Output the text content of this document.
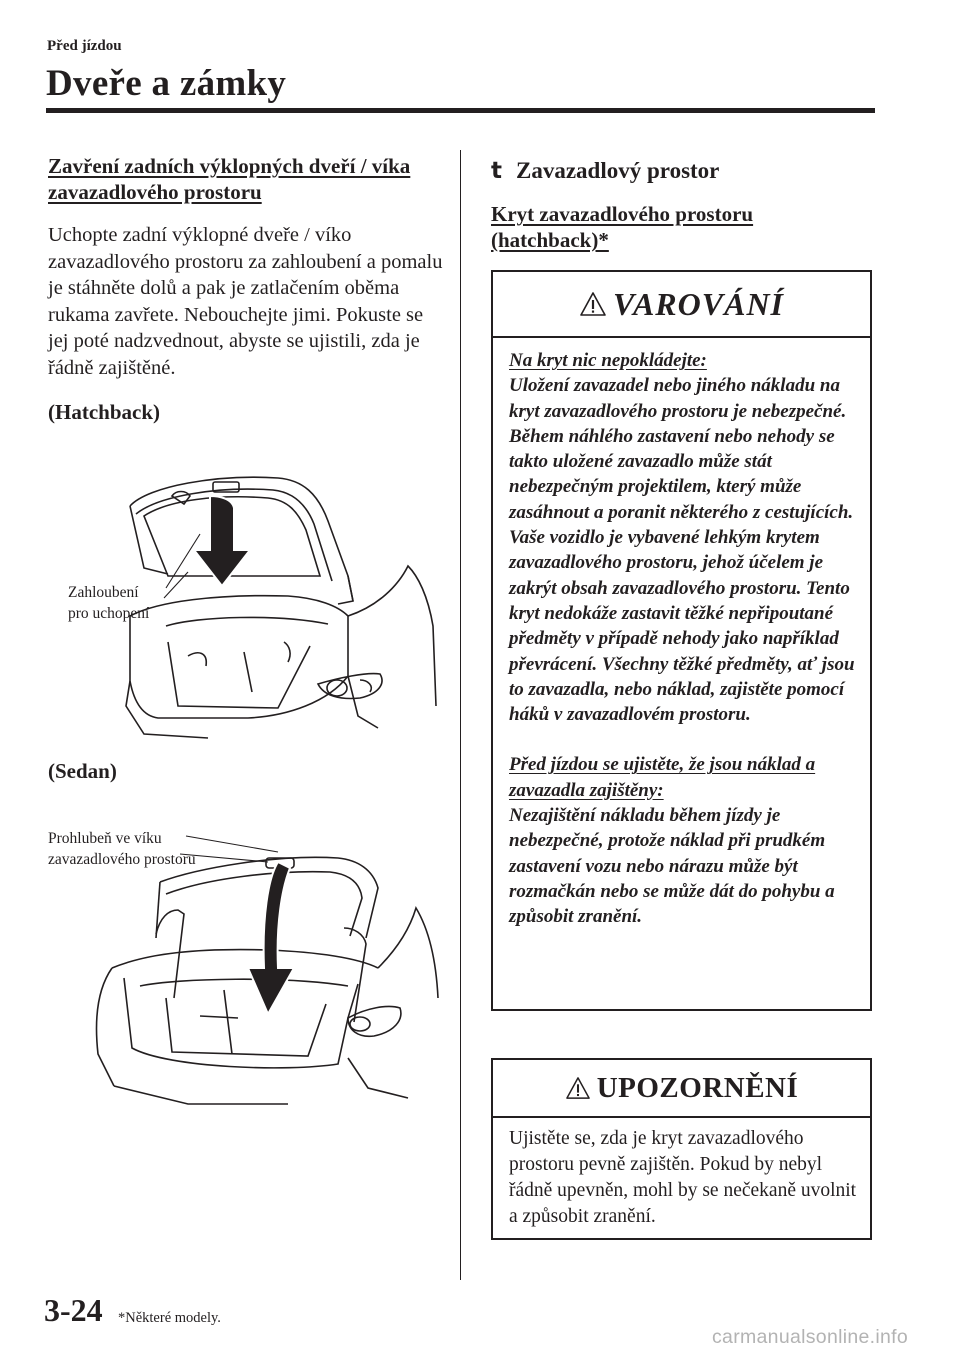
Před jízdou
Dveře a zámky
Zavření zadních výklopných dveří / víka zavazadlového prostoru
Uchopte zadní výklopné dveře / víko zavazadlového prostoru za zahloubení a pomalu je stáhněte dolů a pak je zatlačením oběma rukama zavřete. Nebouchejte jimi. Pokuste se jej poté nadzvednout, abyste se ujistili, zda je řádně zajištěné.
(Hatchback)
Zahloubení
pro uchopení
(Sedan)
Prohlubeň ve víku
zavazadlového prostoru
t Zavazadlový prostor
Kryt zavazadlového prostoru (hatchback)*
VAROVÁNÍ
Na kryt nic nepokládejte:
Uložení zavazadel nebo jiného nákladu na kryt zavazadlového prostoru je nebezpečné. Během náhlého zastavení nebo nehody se takto uložené zavazadlo může stát nebezpečným projektilem, který může zasáhnout a poranit některého z cestujících. Vaše vozidlo je vybavené lehkým krytem zavazadlového prostoru, jehož účelem je zakrýt obsah zavazadlového prostoru. Tento kryt nedokáže zastavit těžké nepřipoutané předměty v případě nehody jako například převrácení. Všechny těžké předměty, ať jsou to zavazadla, nebo náklad, zajistěte pomocí háků v zavazadlovém prostoru.
Před jízdou se ujistěte, že jsou náklad a zavazadla zajištěny:
Nezajištění nákladu během jízdy je nebezpečné, protože náklad při prudkém zastavení vozu nebo nárazu může být rozmačkán nebo se může dát do pohybu a způsobit zranění.
UPOZORNĚNÍ
Ujistěte se, zda je kryt zavazadlového prostoru pevně zajištěn. Pokud by nebyl řádně upevněn, mohl by se nečekaně uvolnit a způsobit zranění.
3-24 *Některé modely.
carmanualsonline.info
